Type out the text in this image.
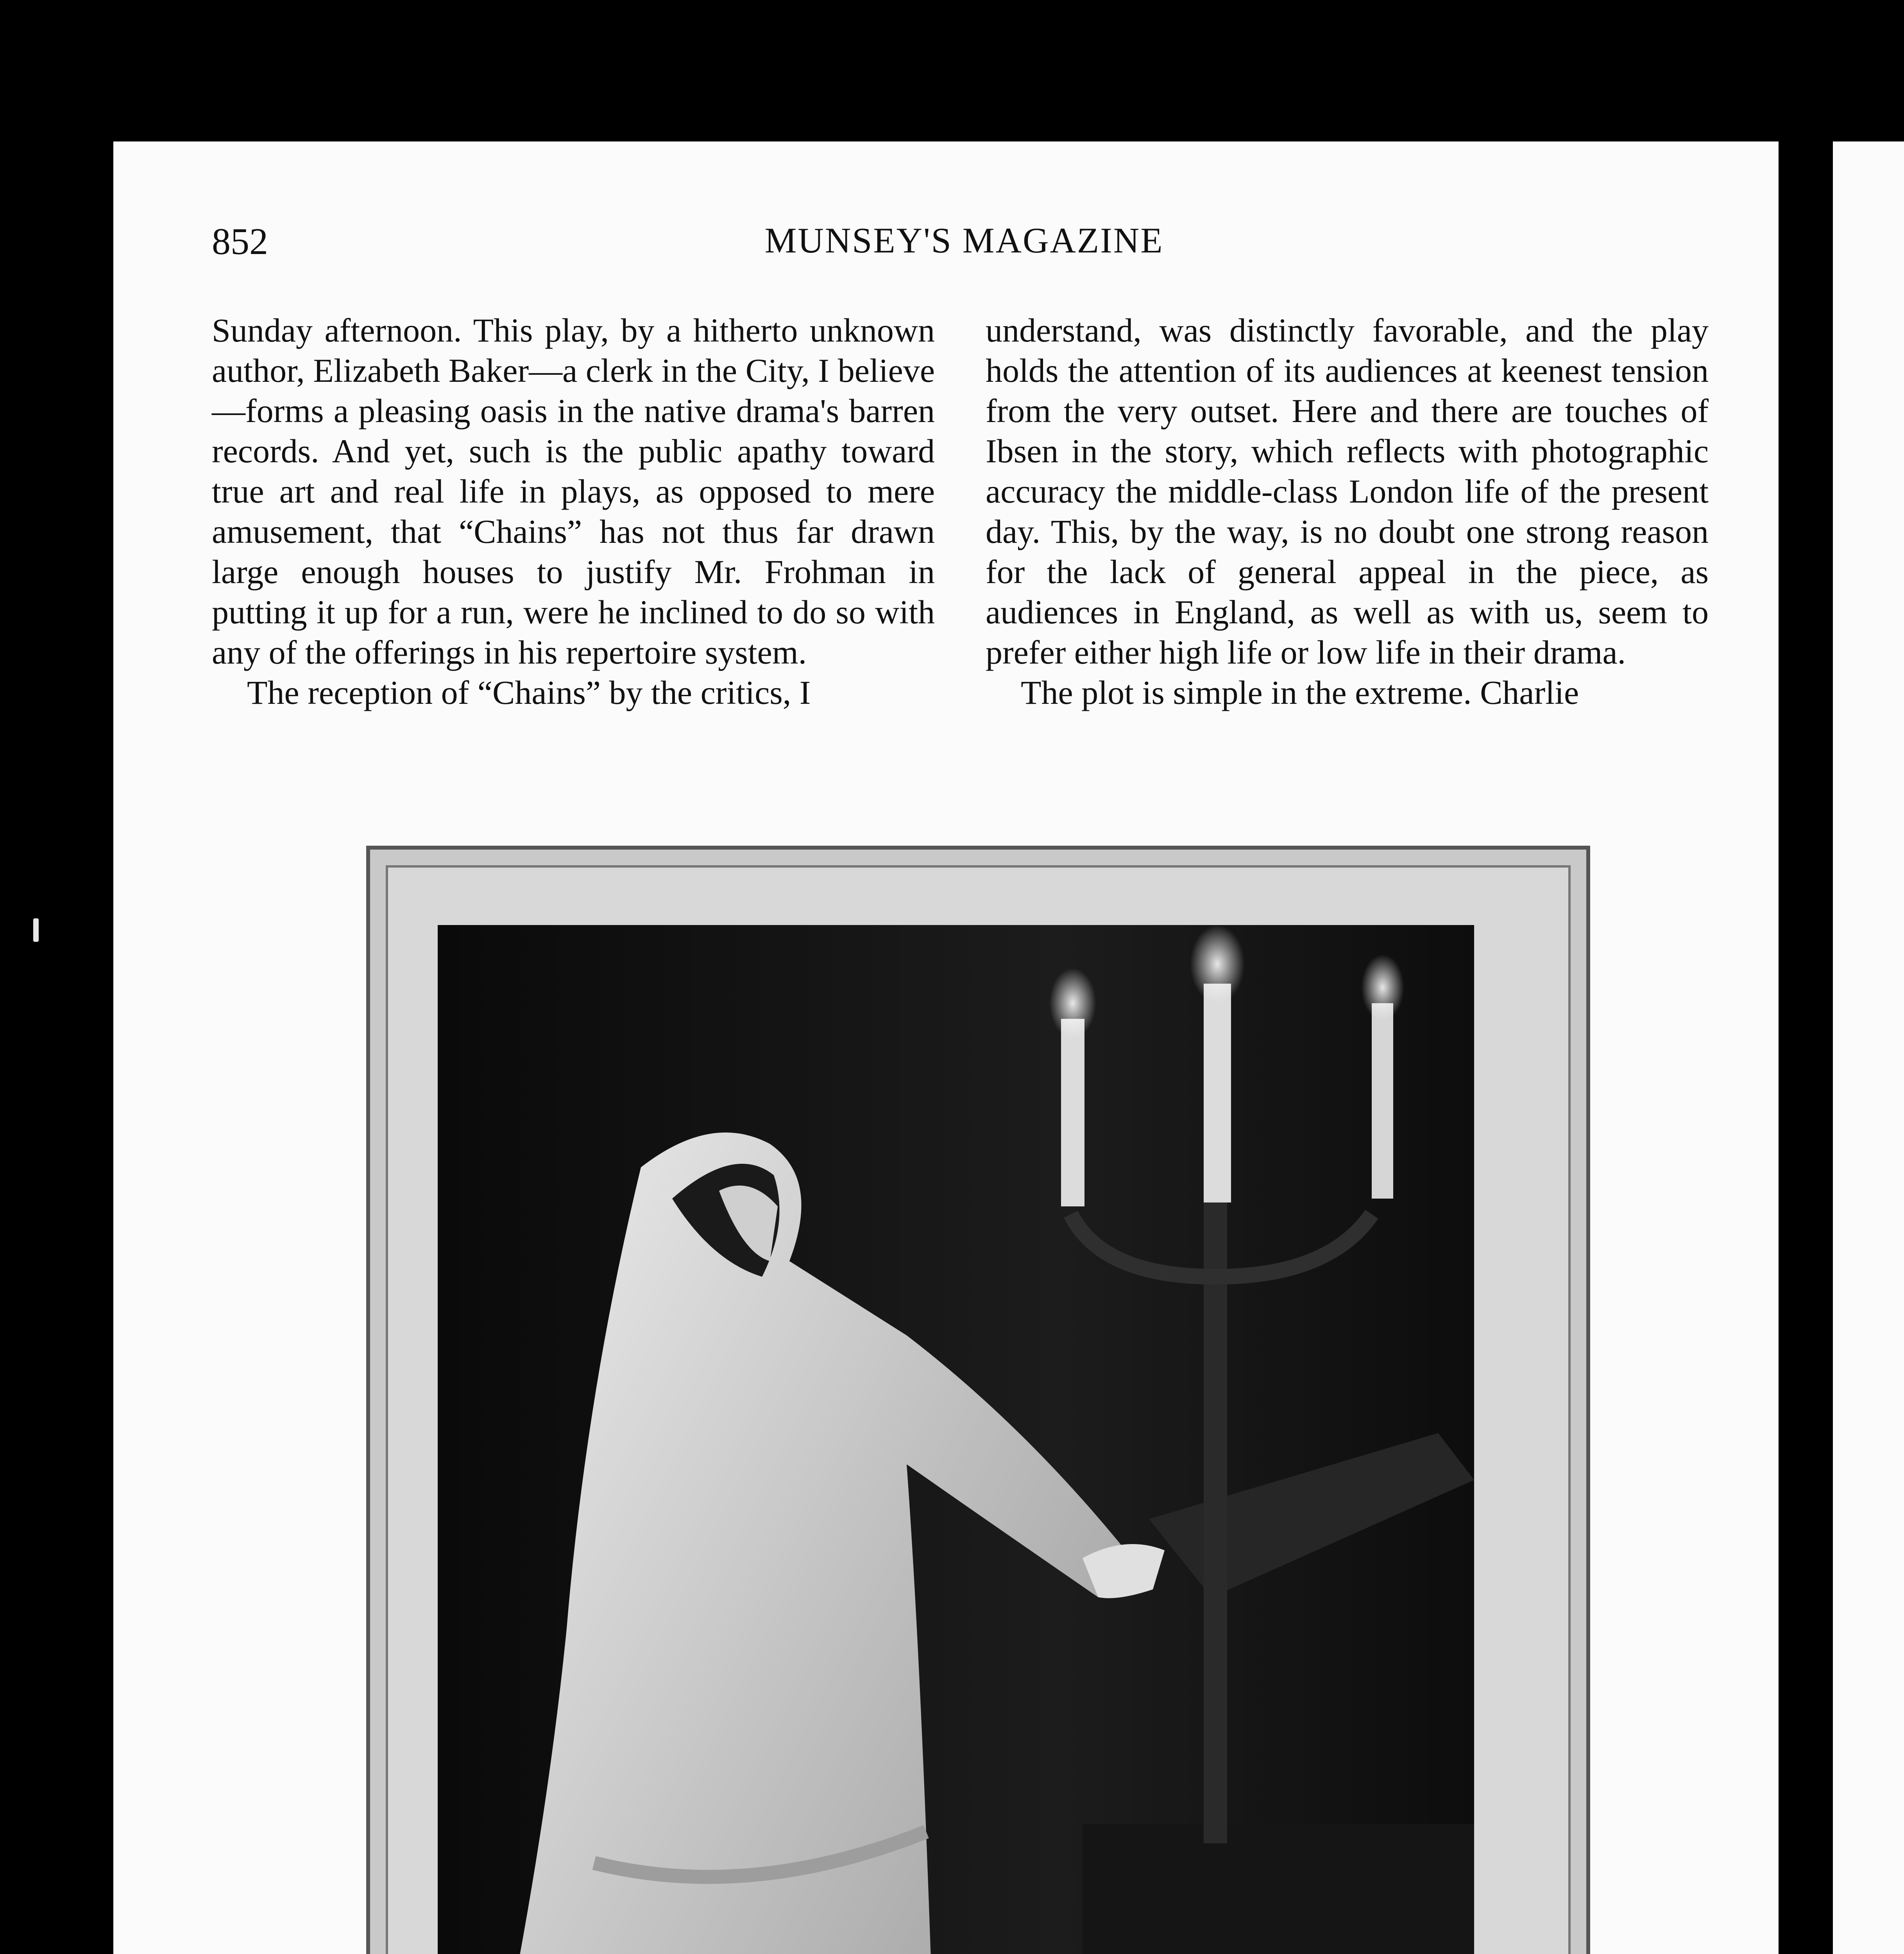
852	MUNSEY'S MAGAZINE

Sunday afternoon. This play, by a hitherto unknown author, Elizabeth Baker—a clerk in the City, I believe—forms a pleasing oasis in the native drama's barren records. And yet, such is the public apathy toward true art and real life in plays, as opposed to mere amusement, that “Chains” has not thus far drawn large enough houses to justify Mr. Frohman in putting it up for a run, were he inclined to do so with any of the offerings in his repertoire system.

The reception of “Chains” by the critics, I

understand, was distinctly favorable, and the play holds the attention of its audiences at keenest tension from the very outset. Here and there are touches of Ibsen in the story, which reflects with photographic accuracy the middle-class London life of the present day. This, by the way, is no doubt one strong reason for the lack of general appeal in the piece, as audiences in England, as well as with us, seem to prefer either high life or low life in their drama.

The plot is simple in the extreme. Charlie
